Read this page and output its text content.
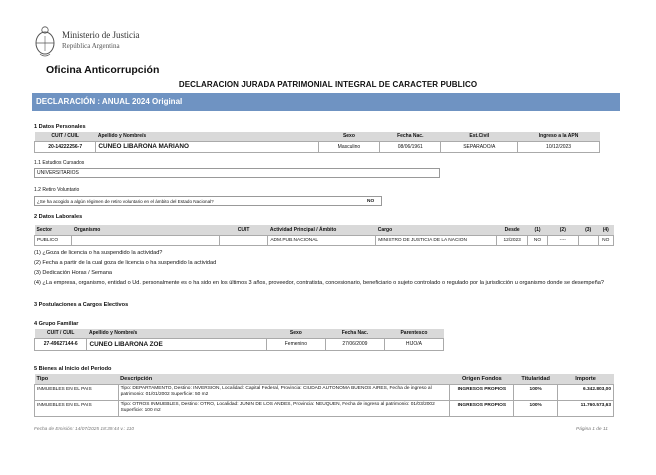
Ministerio de Justicia
República Argentina
Oficina Anticorrupción
DECLARACION JURADA PATRIMONIAL INTEGRAL DE CARACTER PUBLICO
DECLARACIÓN : ANUAL 2024 Original
1 Datos Personales
CUIT / CUIL	Apellido y Nombre/s	Sexo	Fecha Nac.	Est.Civil	Ingreso a la APN
20-14222256-7	CUNEO LIBARONA MARIANO	Masculino	08/06/1961	SEPARADO/A	10/12/2023
1.1 Estudios Cursados
UNIVERSITARIOS
1.2 Retiro Voluntario
¿Se ha acogido a algún régimen de retiro voluntario en el ámbito del Estado Nacional?	NO
2 Datos Laborales
Sector	Organismo	CUIT	Actividad Principal / Ámbito	Cargo	Desde	(1)	(2)	(3)	(4)
PUBLICO			ADM.PUB.NACIONAL	MINISTRO DE JUSTICIA DE LA NACION	12/2023	NO	----		NO
(1) ¿Goza de licencia o ha suspendido la actividad?
(2) Fecha a partir de la cual goza de licencia o ha suspendido la actividad
(3) Dedicación Horas / Semana
(4) ¿La empresa, organismo, entidad o Ud. personalmente es o ha sido en los últimos 3 años, proveedor, contratista, concesionario, beneficiario o sujeto controlado o regulado por la jurisdicción u organismo donde se desempeña?
3 Postulaciones a Cargos Electivos
4 Grupo Familiar
CUIT / CUIL	Apellido y Nombre/s	Sexo	Fecha Nac.	Parentesco
27-49627144-6	CUNEO LIBARONA ZOE	Femenino	27/06/2009	HIJO/A
5 Bienes al Inicio del Periodo
Tipo	Descripción	Origen Fondos	Titularidad	Importe
INMUEBLES EN EL PAIS	Tipo: DEPARTAMENTO, Destino: INVERSION, Localidad: Capital Federal, Provincia: CIUDAD AUTONOMA BUENOS AIRES, Fecha de ingreso al patrimonio: 01/01/2002 Superficie: 50 m2	INGRESOS PROPIOS	100%	6.342.803,00
INMUEBLES EN EL PAIS	Tipo: OTROS INMUEBLES, Destino: OTRO, Localidad: JUNIN DE LOS ANDES, Provincia: NEUQUEN, Fecha de ingreso al patrimonio: 01/03/2002 Superficie: 100 m2	INGRESOS PROPIOS	100%	11.760.573,63
Fecha de Emisión: 14/07/2025 18:39:44 v.: 110	Página 1 de 11
